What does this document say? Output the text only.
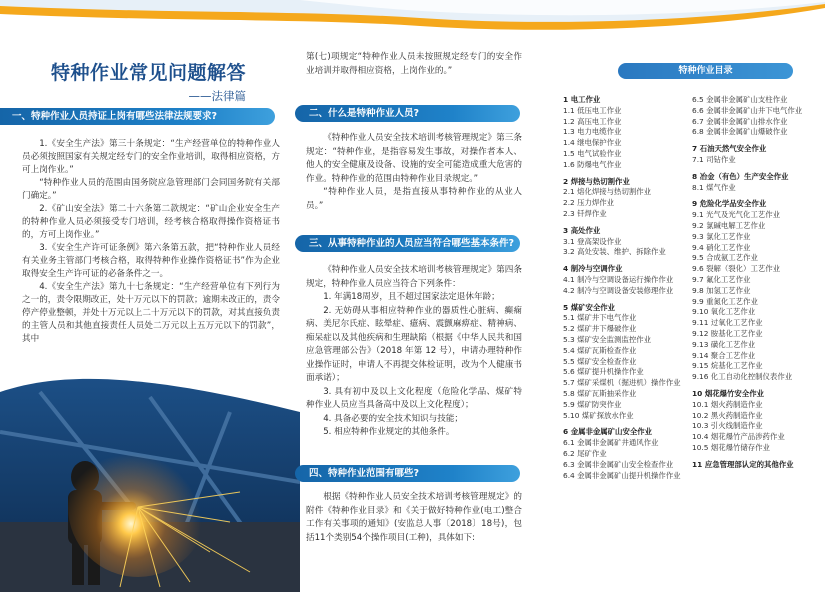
特种作业常见问题解答
——法律篇
一、特种作业人员持证上岗有哪些法律法规要求?

1.《安全生产法》第三十条规定：“生产经营单位的特种作业人员必须按照国家有关规定经专门的安全作业培训，取得相应资格，方可上岗作业。”

“特种作业人员的范围由国务院应急管理部门会同国务院有关部门确定。”

2.《矿山安全法》第二十六条第二款规定：“矿山企业安全生产的特种作业人员必须接受专门培训，经考核合格取得操作资格证书的，方可上岗作业。”

3.《安全生产许可证条例》第六条第五款，把“特种作业人员经有关业务主管部门考核合格，取得特种作业操作资格证书”作为企业取得安全生产许可证的必备条件之一。

4.《安全生产法》第九十七条规定：“生产经营单位有下列行为之一的，责令限期改正，处十万元以下的罚款；逾期未改正的，责令停产停业整顿，并处十万元以上二十万元以下的罚款，对其直接负责的主管人员和其他直接责任人员处二万元以上五万元以下的罚款”，其中

第(七)项规定“特种作业人员未按照规定经专门的安全作业培训并取得相应资格，上岗作业的。”
二、什么是特种作业人员?

《特种作业人员安全技术培训考核管理规定》第三条规定：“特种作业，是指容易发生事故，对操作者本人、他人的安全健康及设备、设施的安全可能造成重大危害的作业。特种作业的范围由特种作业目录规定。”

“特种作业人员，是指直接从事特种作业的从业人员。”

三、从事特种作业的人员应当符合哪些基本条件?

《特种作业人员安全技术培训考核管理规定》第四条规定，特种作业人员应当符合下列条件：

1. 年满18周岁，且不超过国家法定退休年龄；

2. 无妨碍从事相应特种作业的器质性心脏病、癫痫病、美尼尔氏症、眩晕症、癔病、震颤麻痹症、精神病、痴呆症以及其他疾病和生理缺陷（根据《中华人民共和国应急管理部公告》（2018 年第 12 号），申请办理特种作业操作证时，申请人不再提交体检证明，改为个人健康书面承诺）；

3. 具有初中及以上文化程度（危险化学品、煤矿特种作业人员应当具备高中及以上文化程度）；

4. 具备必要的安全技术知识与技能；

5. 相应特种作业规定的其他条件。

四、特种作业范围有哪些?

根据《特种作业人员安全技术培训考核管理规定》的附件《特种作业目录》和《关于做好特种作业(电工)整合工作有关事项的通知》(安监总人事〔2018〕18号)，包括11个类别54个操作项目(工种)，具体如下:

特种作业目录
1 电工作业
1.1 低压电工作业
1.2 高压电工作业
1.3 电力电缆作业
1.4 继电保护作业
1.5 电气试验作业
1.6 防爆电气作业
2 焊接与热切割作业
2.1 熔化焊接与热切割作业
2.2 压力焊作业
2.3 钎焊作业
3 高处作业
3.1 登高架设作业
3.2 高处安装、维护、拆除作业
4 制冷与空调作业
4.1 制冷与空调设备运行操作作业
4.2 制冷与空调设备安装修理作业
5 煤矿安全作业
5.1 煤矿井下电气作业
5.2 煤矿井下爆破作业
5.3 煤矿安全监测监控作业
5.4 煤矿瓦斯检查作业
5.5 煤矿安全检查作业
5.6 煤矿提升机操作作业
5.7 煤矿采煤机（掘进机）操作作业
5.8 煤矿瓦斯抽采作业
5.9 煤矿防突作业
5.10 煤矿探放水作业
6 金属非金属矿山安全作业
6.1 金属非金属矿井通风作业
6.2 尾矿作业
6.3 金属非金属矿山安全检查作业
6.4 金属非金属矿山提升机操作作业
6.5 金属非金属矿山支柱作业
6.6 金属非金属矿山井下电气作业
6.7 金属非金属矿山排水作业
6.8 金属非金属矿山爆破作业
7 石油天然气安全作业
7.1 司钻作业
8 冶金（有色）生产安全作业
8.1 煤气作业
9 危险化学品安全作业
9.1 光气及光气化工艺作业
9.2 氯碱电解工艺作业
9.3 氯化工艺作业
9.4 硝化工艺作业
9.5 合成氨工艺作业
9.6 裂解（裂化）工艺作业
9.7 氟化工艺作业
9.8 加氢工艺作业
9.9 重氮化工艺作业
9.10 氧化工艺作业
9.11 过氧化工艺作业
9.12 胺基化工艺作业
9.13 磺化工艺作业
9.14 聚合工艺作业
9.15 烷基化工艺作业
9.16 化工自动化控制仪表作业
10 烟花爆竹安全作业
10.1 烟火药制造作业
10.2 黑火药制造作业
10.3 引火线制造作业
10.4 烟花爆竹产品涉药作业
10.5 烟花爆竹储存作业
11 应急管理部认定的其他作业
